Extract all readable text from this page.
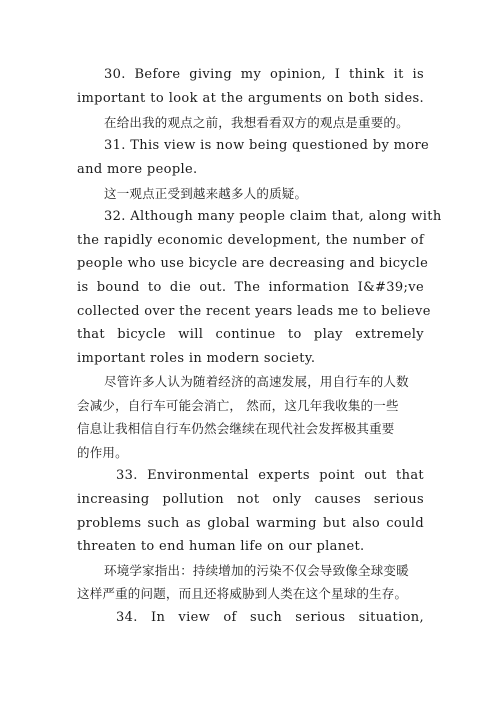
30. Before giving my opinion, I think it is
important to look at the arguments on both sides.
在给出我的观点之前，我想看看双方的观点是重要的。
31. This view is now being questioned by more
and more people.
这一观点正受到越来越多人的质疑。
32. Although many people claim that, along with
the rapidly economic development, the number of
people who use bicycle are decreasing and bicycle
is bound to die out. The information I&#39;ve
collected over the recent years leads me to believe
that bicycle will continue to play extremely
important roles in modern society.
尽管许多人认为随着经济的高速发展，用自行车的人数
会减少，自行车可能会消亡， 然而，这几年我收集的一些
信息让我相信自行车仍然会继续在现代社会发挥极其重要
的作用。
33. Environmental experts point out that
increasing pollution not only causes serious
problems such as global warming but also could
threaten to end human life on our planet.
环境学家指出：持续增加的污染不仅会导致像全球变暖
这样严重的问题，而且还将威胁到人类在这个星球的生存。
34. In view of such serious situation,
